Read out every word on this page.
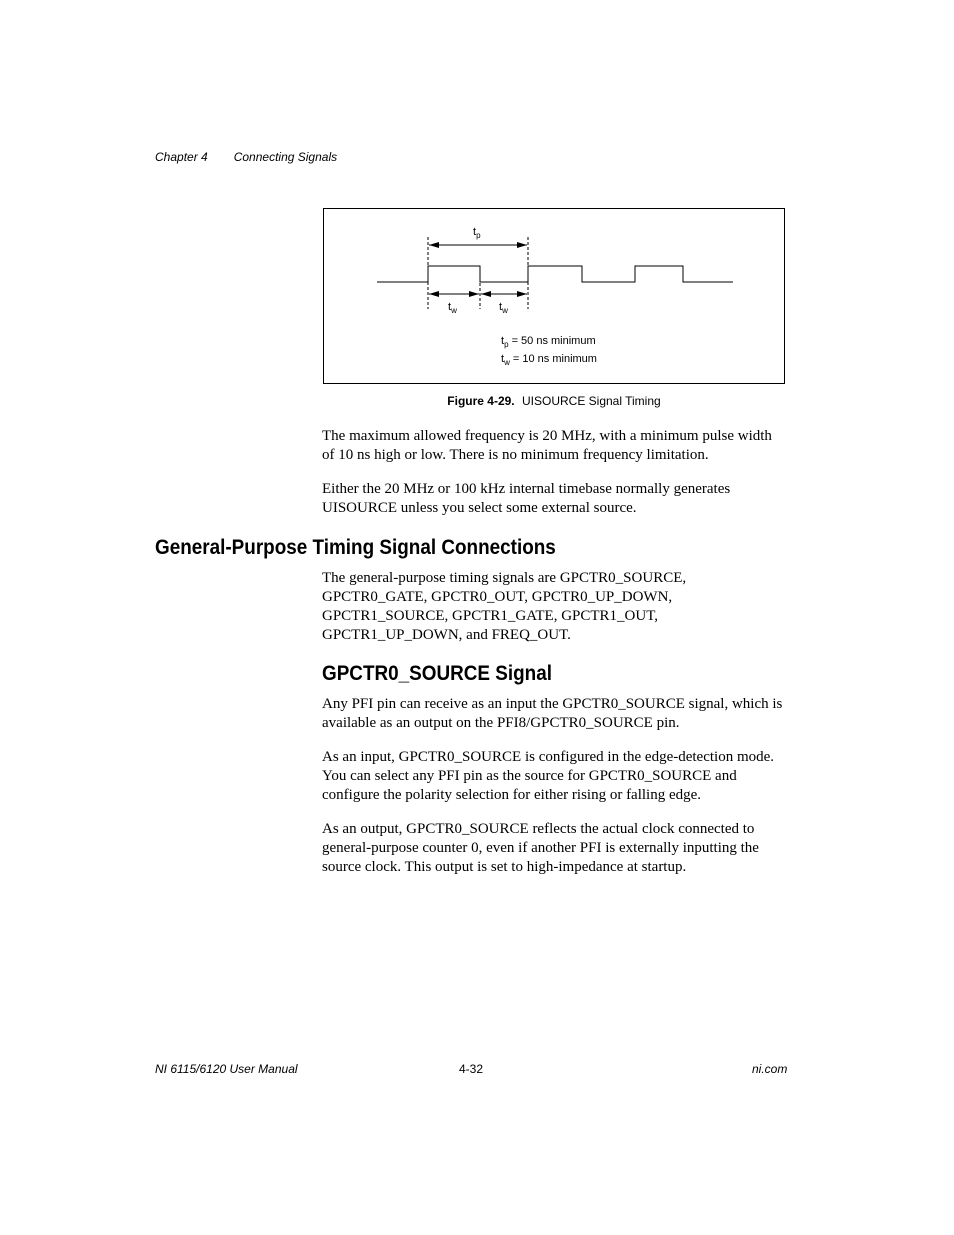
Chapter 4 Connecting Signals
$t_p$
$t_w$	$t_w$
$t_p = 50$ ns minimum
$t_w = 10$ ns minimum
Figure 4-29. UISOURCE Signal Timing

The maximum allowed frequency is 20 MHz, with a minimum pulse width of 10 ns high or low. There is no minimum frequency limitation.

Either the 20 MHz or 100 kHz internal timebase normally generates UISOURCE unless you select some external source.

General-Purpose Timing Signal Connections

The general-purpose timing signals are GPCTR0_SOURCE, GPCTR0_GATE, GPCTR0_OUT, GPCTR0_UP_DOWN, GPCTR1_SOURCE, GPCTR1_GATE, GPCTR1_OUT, GPCTR1_UP_DOWN, and FREQ_OUT.

GPCTR0_SOURCE Signal

Any PFI pin can receive as an input the GPCTR0_SOURCE signal, which is available as an output on the PFI8/GPCTR0_SOURCE pin.

As an input, GPCTR0_SOURCE is configured in the edge-detection mode. You can select any PFI pin as the source for GPCTR0_SOURCE and configure the polarity selection for either rising or falling edge.

As an output, GPCTR0_SOURCE reflects the actual clock connected to general-purpose counter 0, even if another PFI is externally inputting the source clock. This output is set to high-impedance at startup.

NI 6115/6120 User Manual	4-32	ni.com
